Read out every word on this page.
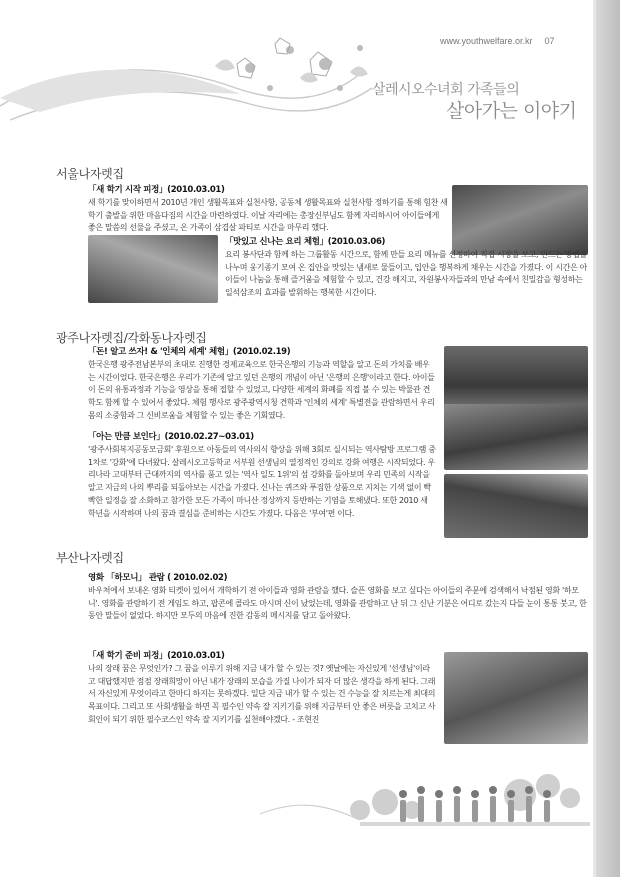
www.youthwelfare.or.kr 07
살레시오수녀회 가족들의
살아가는 이야기
서울나자렛집
「새 학기 시작 피정」(2010.03.01)

새 학기를 맞이하면서 2010년 개인 생활목표와 실천사항, 공동체 생활목표와 실천사항 정하기를 통해 힘찬 새 학기 출발을 위한 마음다짐의 시간을 마련하였다. 이날 자리에는 총장신부님도 함께 자리하시어 아이들에게 좋은 말씀의 선물을 주셨고, 온 가족이 삼겹살 파티로 시간을 마무리 했다.

「맛있고 신나는 요리 체험」(2010.03.06)

요리 봉사단과 함께 하는 그룹활동 시간으로, 함께 만들 요리 메뉴를 선정하여 직접 시장을 보고, 만드는 방법을 나누며 웅기종기 모여 온 집안을 맛있는 냄새로 물들이고, 입안을 행복하게 채우는 시간을 가졌다. 이 시간은 아이들이 나눔을 통해 즐거움을 체험할 수 있고, 건강 해지고, 자원봉사자들과의 만남 속에서 친밀감을 형성하는 일석삼조의 효과를 발휘하는 행복한 시간이다.

광주나자렛집/각화동나자렛집
「돈! 알고 쓰자! & '인체의 세계' 체험」(2010.02.19)

한국은행 광주전남본부의 초대로 진행한 경제교육으로 한국은행의 기능과 역할을 알고 돈의 가치를 배우는 시간이었다. 한국은행은 우리가 기존에 알고 있던 은행의 개념이 아닌 '은행의 은행'이라고 한다. 아이들이 돈의 유통과정과 기능을 영상을 통해 접할 수 있었고, 다양한 세계의 화폐를 직접 볼 수 있는 박물관 견학도 함께 할 수 있어서 좋았다. 체험 행사로 광주광역시청 견학과 '인체의 세계' 특별전을 관람하면서 우리 몸의 소중함과 그 신비로움을 체험할 수 있는 좋은 기회였다.

「아는 만큼 보인다」(2010.02.27~03.01)

'광주사회복지공동모금회' 후원으로 아동들의 역사의식 향상을 위해 3회로 실시되는 역사탐방 프로그램 중 1차로 '강화'에 다녀왔다. 살레시오고등학교 서부원 선생님의 열정적인 강의로 강화 여행은 시작되었다. 우리나라 고대부터 근대까지의 역사를 품고 있는 '역사 일도 1위'의 섬 강화를 돌아보며 우리 민족의 시작을 알고 지금의 나의 뿌리를 되돌아보는 시간을 가졌다. 신나는 퀴즈와 푸짐한 상품으로 지치는 기색 없이 빡빡한 일정을 잘 소화하고 참가한 모든 가족이 마니산 정상까지 등반하는 기염을 토해냈다. 또한 2010 새 학년을 시작하며 나의 꿈과 결심을 준비하는 시간도 가졌다. 다음은 '부여'편 이다.

부산나자렛집
영화 「하모니」 관람 ( 2010.02.02)

바우처에서 보내온 영화 티켓이 있어서 개학하기 전 아이들과 영화 관람을 했다. 슬픈 영화를 보고 싶다는 아이들의 주문에 검색해서 낙점된 영화 '하모니'. 영화를 관람하기 전 게임도 하고, 팝콘에 콜라도 마시며 신이 났었는데, 영화를 관람하고 난 뒤 그 신난 기분은 어디로 갔는지 다들 눈이 통통 붓고, 한동안 말들이 없었다. 하지만 모두의 마음에 진한 감동의 메시지를 담고 돌아왔다.

「새 학기 준비 피정」(2010.03.01)

나의 장래 꿈은 무엇인가? 그 꿈을 이루기 위해 지금 내가 할 수 있는 것? 옛날에는 자신있게 '선생님'이라고 대답했지만 점점 장래희망이 아닌 내가 장래의 모습을 가질 나이가 되자 더 많은 생각을 하게 된다. 그래서 자신있게 무엇이라고 한마디 하지는 못하겠다. 일단 지금 내가 할 수 있는 건 수능을 잘 치르는게 최대의 목표이다. 그리고 또 사회생활을 하면 꼭 필수인 약속 잘 지키기를 위해 지금부터 안 좋은 버릇을 고치고 사회인이 되기 위한 필수코스인 약속 잘 지키기를 실천해야겠다. - 조현진
